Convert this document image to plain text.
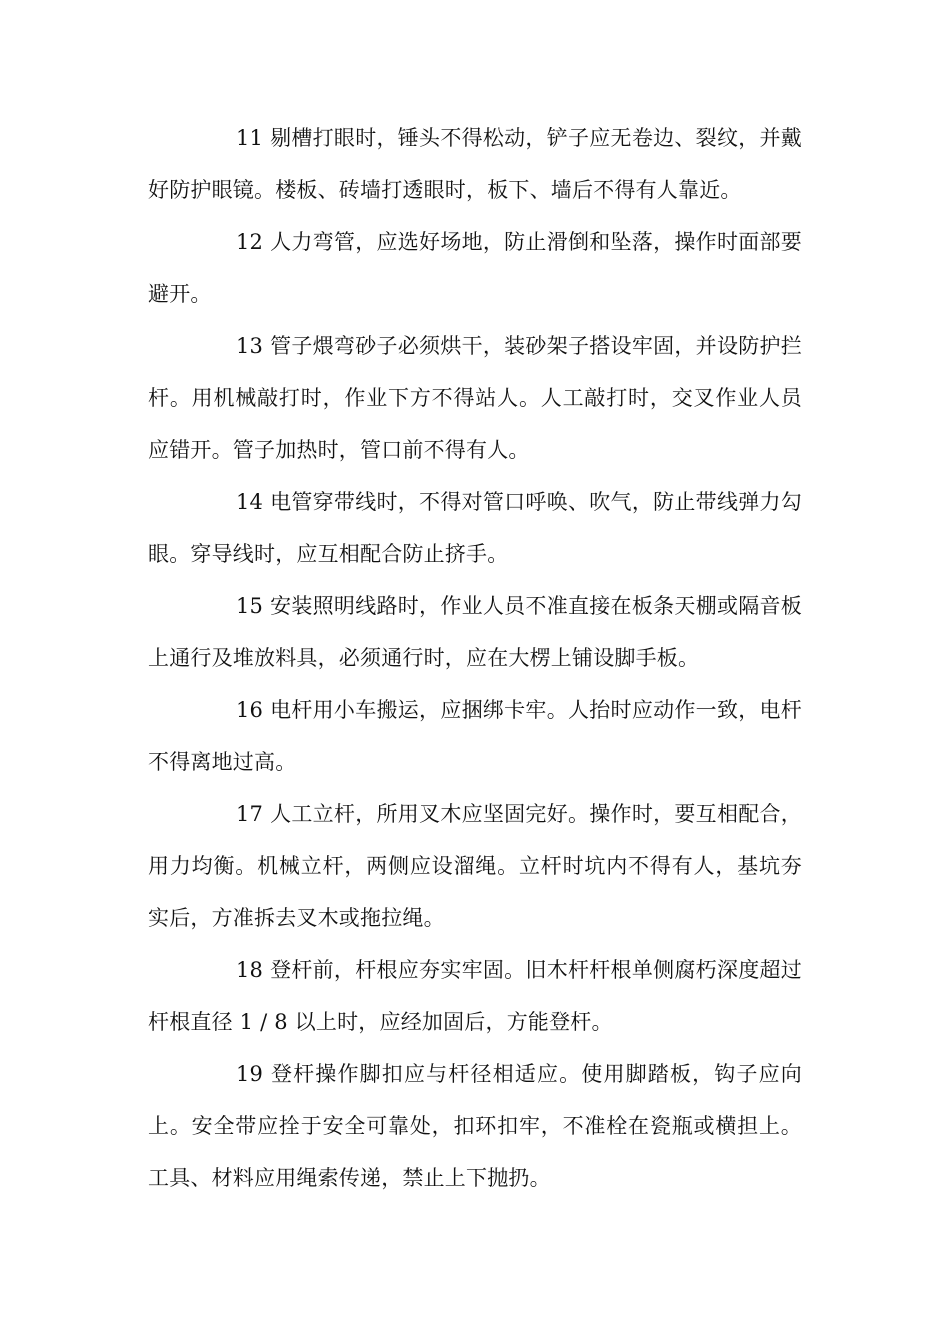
11 剔槽打眼时，锤头不得松动，铲子应无卷边、裂纹，并戴好防护眼镜。楼板、砖墙打透眼时，板下、墙后不得有人靠近。

12 人力弯管，应选好场地，防止滑倒和坠落，操作时面部要避开。

13 管子煨弯砂子必须烘干，装砂架子搭设牢固，并设防护拦杆。用机械敲打时，作业下方不得站人。人工敲打时，交叉作业人员应错开。管子加热时，管口前不得有人。

14 电管穿带线时，不得对管口呼唤、吹气，防止带线弹力勾眼。穿导线时，应互相配合防止挤手。

15 安装照明线路时，作业人员不准直接在板条天棚或隔音板上通行及堆放料具，必须通行时，应在大楞上铺设脚手板。

16 电杆用小车搬运，应捆绑卡牢。人抬时应动作一致，电杆不得离地过高。

17 人工立杆，所用叉木应坚固完好。操作时，要互相配合，用力均衡。机械立杆，两侧应设溜绳。立杆时坑内不得有人，基坑夯实后，方准拆去叉木或拖拉绳。

18 登杆前，杆根应夯实牢固。旧木杆杆根单侧腐朽深度超过杆根直径 1 / 8 以上时，应经加固后，方能登杆。

19 登杆操作脚扣应与杆径相适应。使用脚踏板，钩子应向上。安全带应拴于安全可靠处，扣环扣牢，不准栓在瓷瓶或横担上。工具、材料应用绳索传递，禁止上下抛扔。
